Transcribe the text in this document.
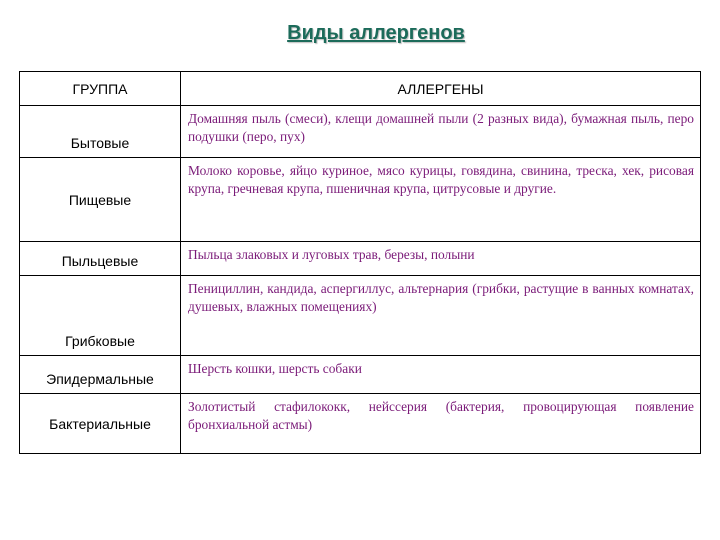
Виды аллергенов
ГРУППА	АЛЛЕРГЕНЫ
Бытовые	Домашняя пыль (смеси), клещи домашней пыли (2 разных вида), бумажная пыль, перо подушки (перо, пух)
Пищевые	Молоко коровье, яйцо куриное, мясо курицы, говядина, свинина, треска, хек, рисовая крупа, гречневая крупа, пшеничная крупа, цитрусовые и другие.
Пыльцевые	Пыльца злаковых и луговых трав, березы, полыни
Грибковые	Пенициллин, кандида, аспергиллус, альтернария (грибки, растущие в ванных комнатах, душевых, влажных помещениях)
Эпидермальные	Шерсть кошки, шерсть собаки
Бактериальные	Золотистый стафилококк, нейссерия (бактерия, провоцирующая появление бронхиальной астмы)
